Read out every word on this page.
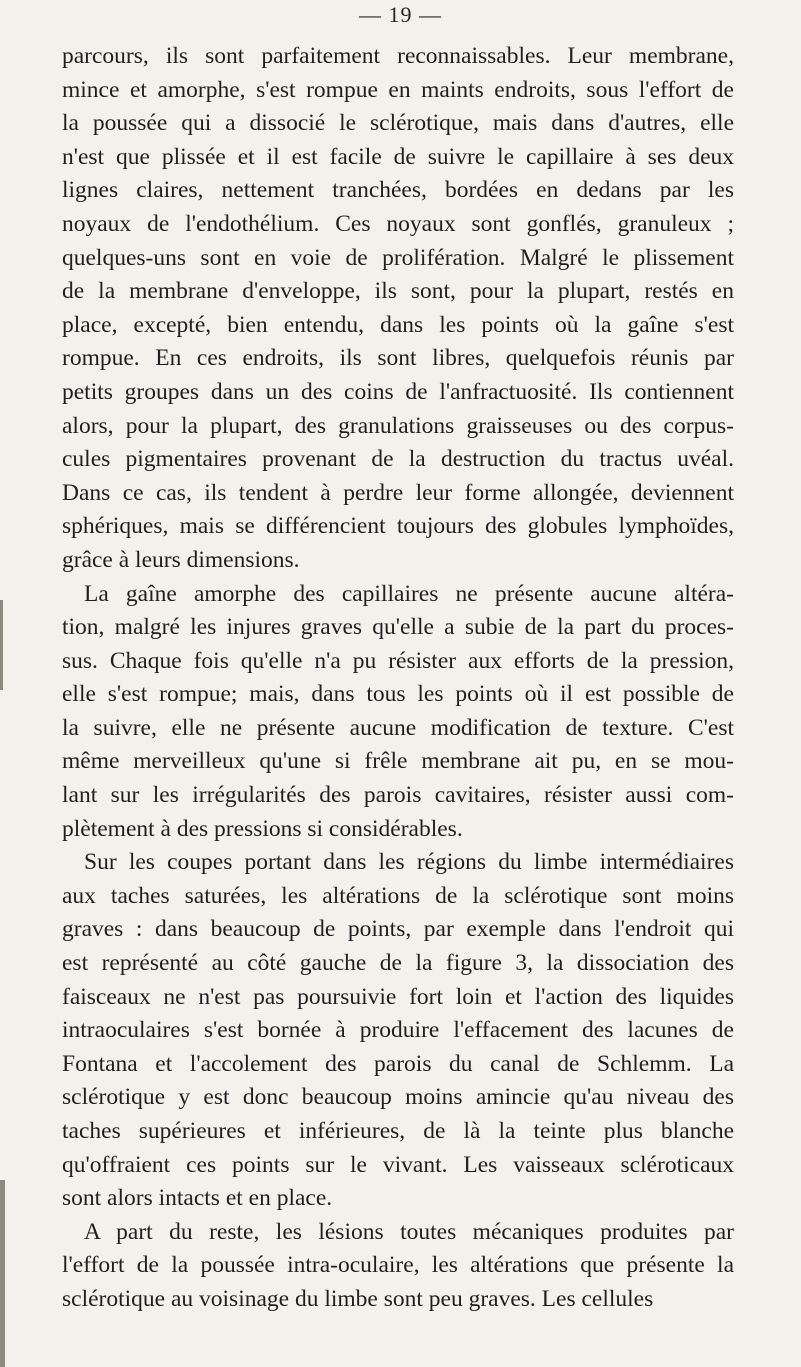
— 19 —
parcours, ils sont parfaitement reconnaissables. Leur membrane,
mince et amorphe, s'est rompue en maints endroits, sous l'effort de
la poussée qui a dissocié le sclérotique, mais dans d'autres, elle
n'est que plissée et il est facile de suivre le capillaire à ses deux
lignes claires, nettement tranchées, bordées en dedans par les
noyaux de l'endothélium. Ces noyaux sont gonflés, granuleux ;
quelques-uns sont en voie de prolifération. Malgré le plissement
de la membrane d'enveloppe, ils sont, pour la plupart, restés en
place, excepté, bien entendu, dans les points où la gaîne s'est
rompue. En ces endroits, ils sont libres, quelquefois réunis par
petits groupes dans un des coins de l'anfractuosité. Ils contiennent
alors, pour la plupart, des granulations graisseuses ou des corpus-
cules pigmentaires provenant de la destruction du tractus uvéal.
Dans ce cas, ils tendent à perdre leur forme allongée, deviennent
sphériques, mais se différencient toujours des globules lymphoïdes,
grâce à leurs dimensions.
La gaîne amorphe des capillaires ne présente aucune altéra-
tion, malgré les injures graves qu'elle a subie de la part du proces-
sus. Chaque fois qu'elle n'a pu résister aux efforts de la pression,
elle s'est rompue; mais, dans tous les points où il est possible de
la suivre, elle ne présente aucune modification de texture. C'est
même merveilleux qu'une si frêle membrane ait pu, en se mou-
lant sur les irrégularités des parois cavitaires, résister aussi com-
plètement à des pressions si considérables.
Sur les coupes portant dans les régions du limbe intermédiaires
aux taches saturées, les altérations de la sclérotique sont moins
graves : dans beaucoup de points, par exemple dans l'endroit qui
est représenté au côté gauche de la figure 3, la dissociation des
faisceaux ne n'est pas poursuivie fort loin et l'action des liquides
intraoculaires s'est bornée à produire l'effacement des lacunes de
Fontana et l'accolement des parois du canal de Schlemm. La
sclérotique y est donc beaucoup moins amincie qu'au niveau des
taches supérieures et inférieures, de là la teinte plus blanche
qu'offraient ces points sur le vivant. Les vaisseaux scléroticaux
sont alors intacts et en place.
A part du reste, les lésions toutes mécaniques produites par
l'effort de la poussée intra-oculaire, les altérations que présente la
sclérotique au voisinage du limbe sont peu graves. Les cellules
